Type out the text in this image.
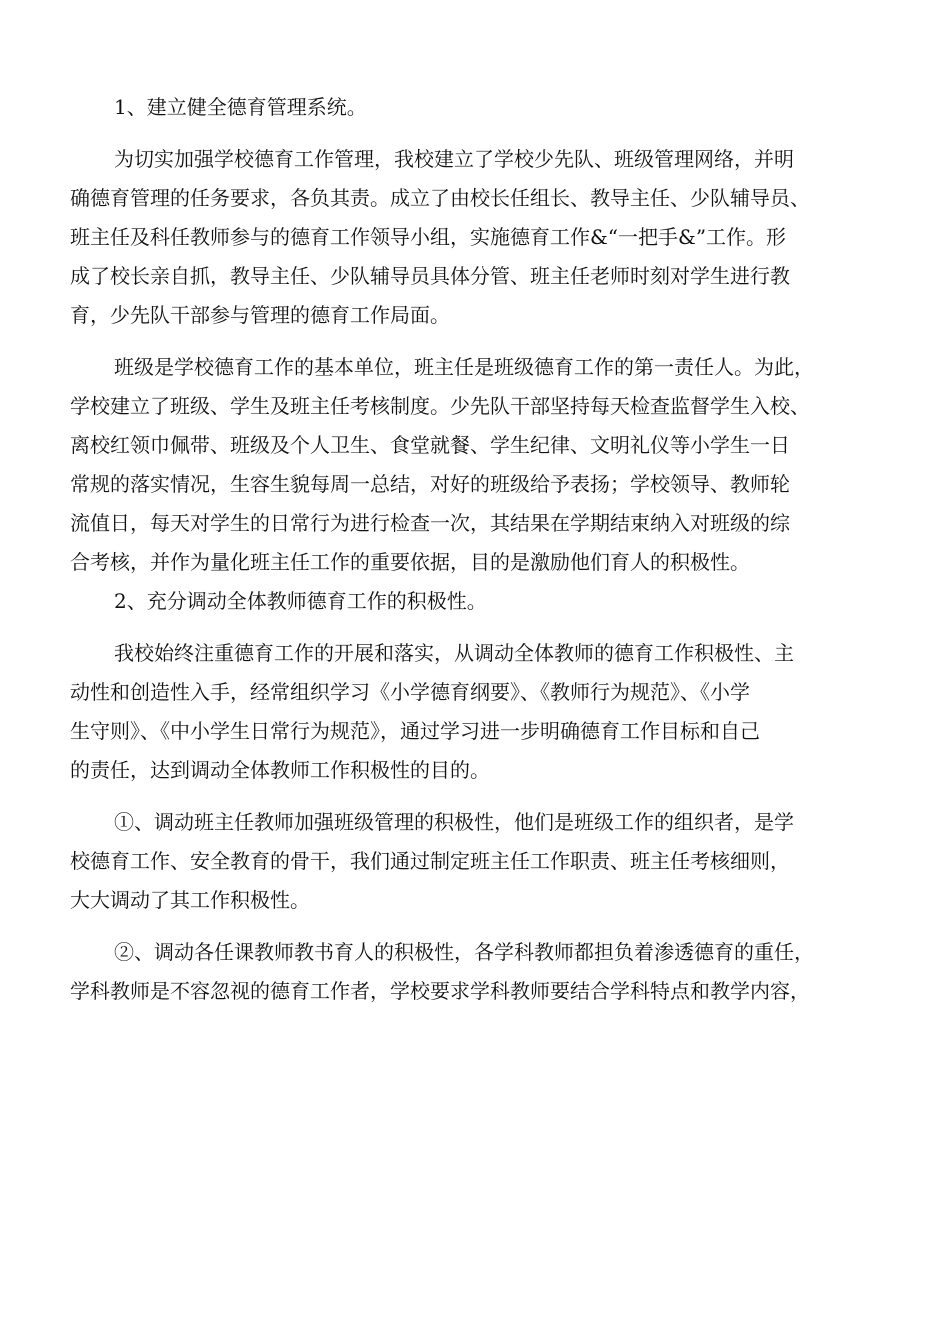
1、建立健全德育管理系统。
为切实加强学校德育工作管理，我校建立了学校少先队、班级管理网络，并明
确德育管理的任务要求，各负其责。成立了由校长任组长、教导主任、少队辅导员、
班主任及科任教师参与的德育工作领导小组，实施德育工作&“一把手&”工作。形
成了校长亲自抓，教导主任、少队辅导员具体分管、班主任老师时刻对学生进行教
育，少先队干部参与管理的德育工作局面。
班级是学校德育工作的基本单位，班主任是班级德育工作的第一责任人。为此，
学校建立了班级、学生及班主任考核制度。少先队干部坚持每天检查监督学生入校、
离校红领巾佩带、班级及个人卫生、食堂就餐、学生纪律、文明礼仪等小学生一日
常规的落实情况，生容生貌每周一总结，对好的班级给予表扬；学校领导、教师轮
流值日，每天对学生的日常行为进行检查一次，其结果在学期结束纳入对班级的综
合考核，并作为量化班主任工作的重要依据，目的是激励他们育人的积极性。
2、充分调动全体教师德育工作的积极性。
我校始终注重德育工作的开展和落实，从调动全体教师的德育工作积极性、主
动性和创造性入手，经常组织学习《小学德育纲要》、《教师行为规范》、《小学
生守则》、《中小学生日常行为规范》，通过学习进一步明确德育工作目标和自己
的责任，达到调动全体教师工作积极性的目的。
①、调动班主任教师加强班级管理的积极性，他们是班级工作的组织者，是学
校德育工作、安全教育的骨干，我们通过制定班主任工作职责、班主任考核细则，
大大调动了其工作积极性。
②、调动各任课教师教书育人的积极性，各学科教师都担负着渗透德育的重任，
学科教师是不容忽视的德育工作者，学校要求学科教师要结合学科特点和教学内容，
